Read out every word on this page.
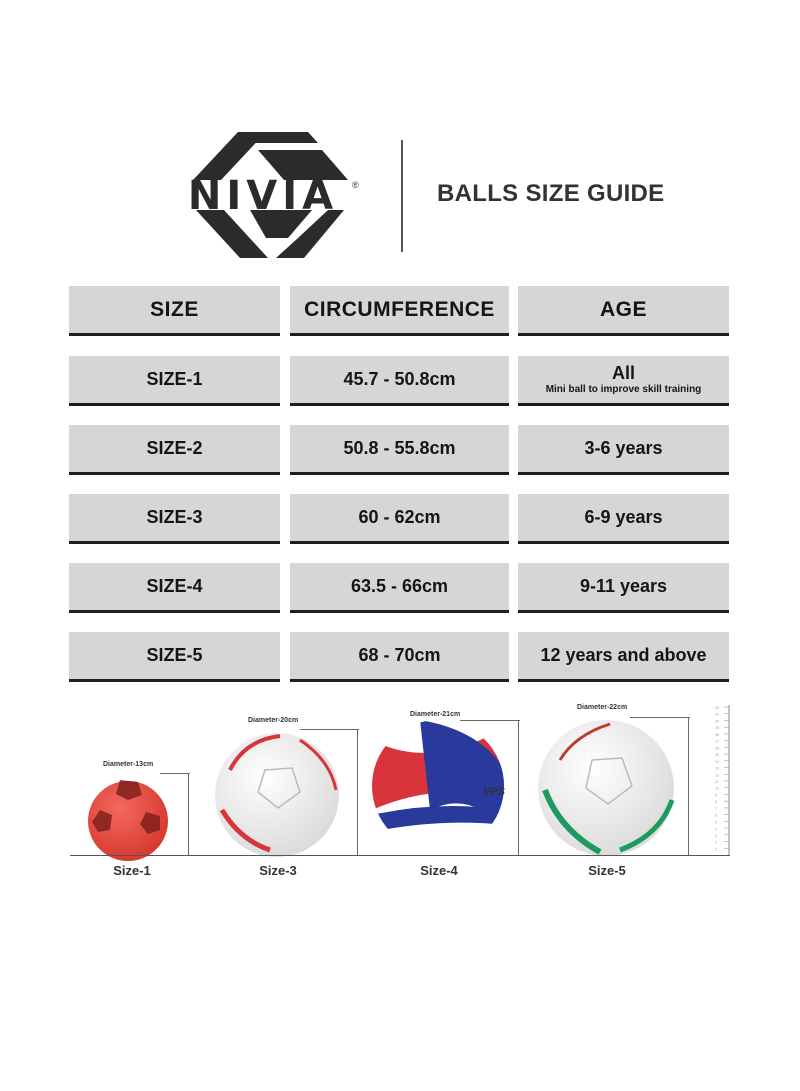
NIVIA	®	BALLS SIZE GUIDE
SIZE	CIRCUMFERENCE	AGE
SIZE-1	45.7 - 50.8cm	All
Mini ball to improve skill training
SIZE-2	50.8 - 55.8cm	3-6 years
SIZE-3	60 - 62cm	6-9 years
SIZE-4	63.5 - 66cm	9-11 years
SIZE-5	68 - 70cm	12 years and above
VPS
Diameter-13cm
Diameter-20cm
Diameter-21cm
Diameter-22cm	22
21
20
19
18
17
16
15
14
13
12
11
10
9
8
7
6
5
4
3
2
1
Size-1	Size-3	Size-4	Size-5
